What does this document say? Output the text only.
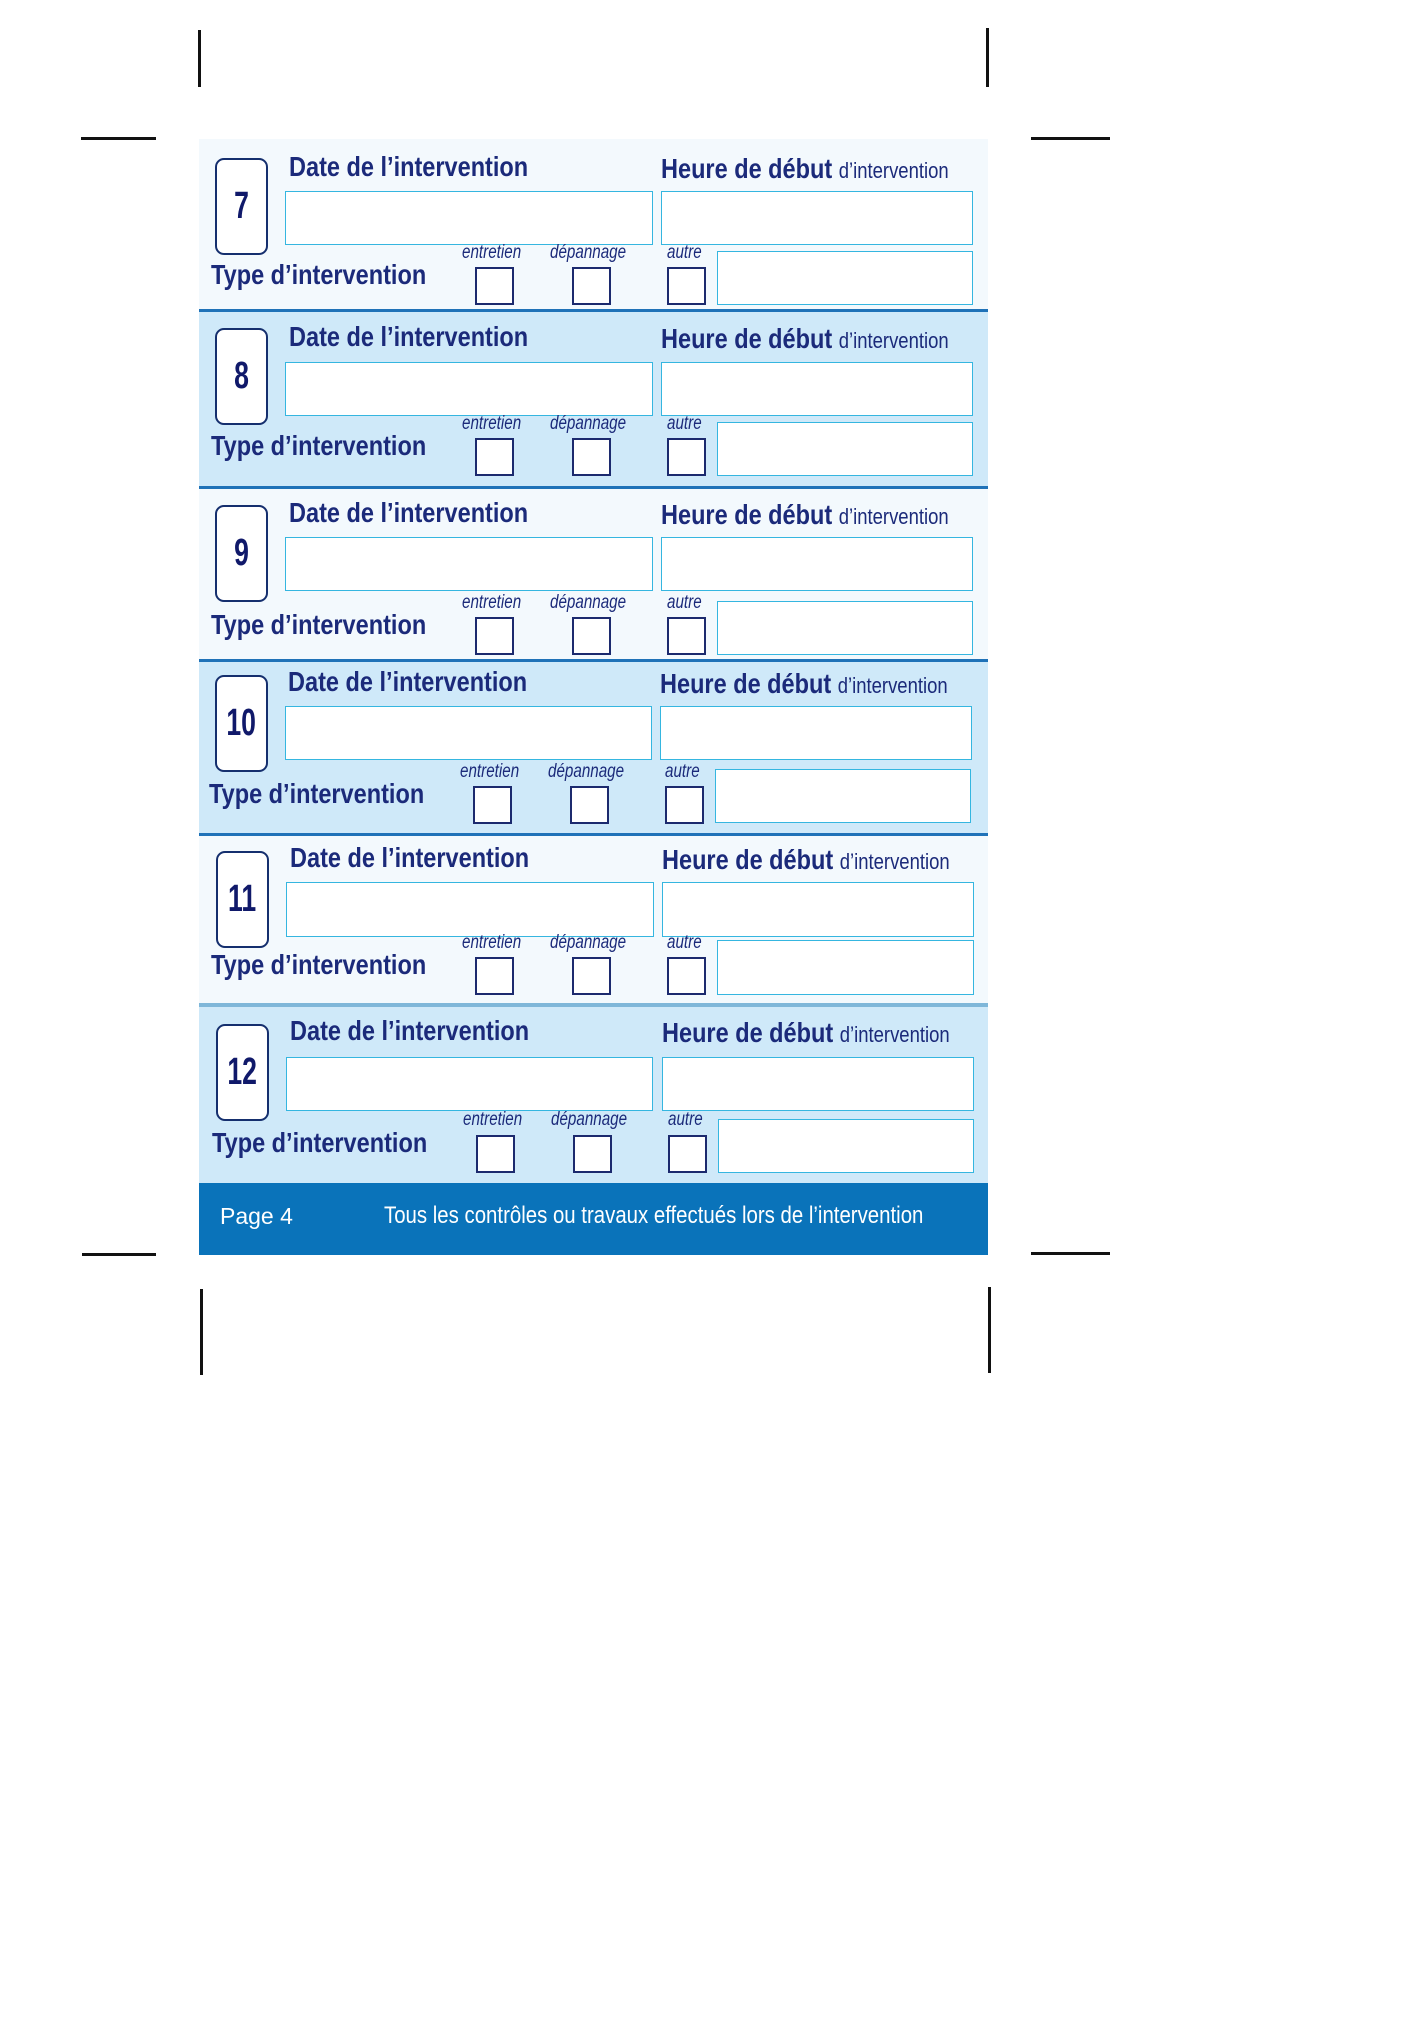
7
Date de l’intervention	Heure de début d’intervention
Type d’intervention
entretien dépannage autre
8
Date de l’intervention	Heure de début d’intervention
Type d’intervention
entretien dépannage autre
9
Date de l’intervention	Heure de début d’intervention
Type d’intervention
entretien dépannage autre
10
Date de l’intervention	Heure de début d’intervention
Type d’intervention
entretien dépannage autre
11
Date de l’intervention	Heure de début d’intervention
Type d’intervention
entretien dépannage autre
12
Date de l’intervention	Heure de début d’intervention
Type d’intervention
entretien dépannage autre
Page 4	Tous les contrôles ou travaux effectués lors de l’intervention
